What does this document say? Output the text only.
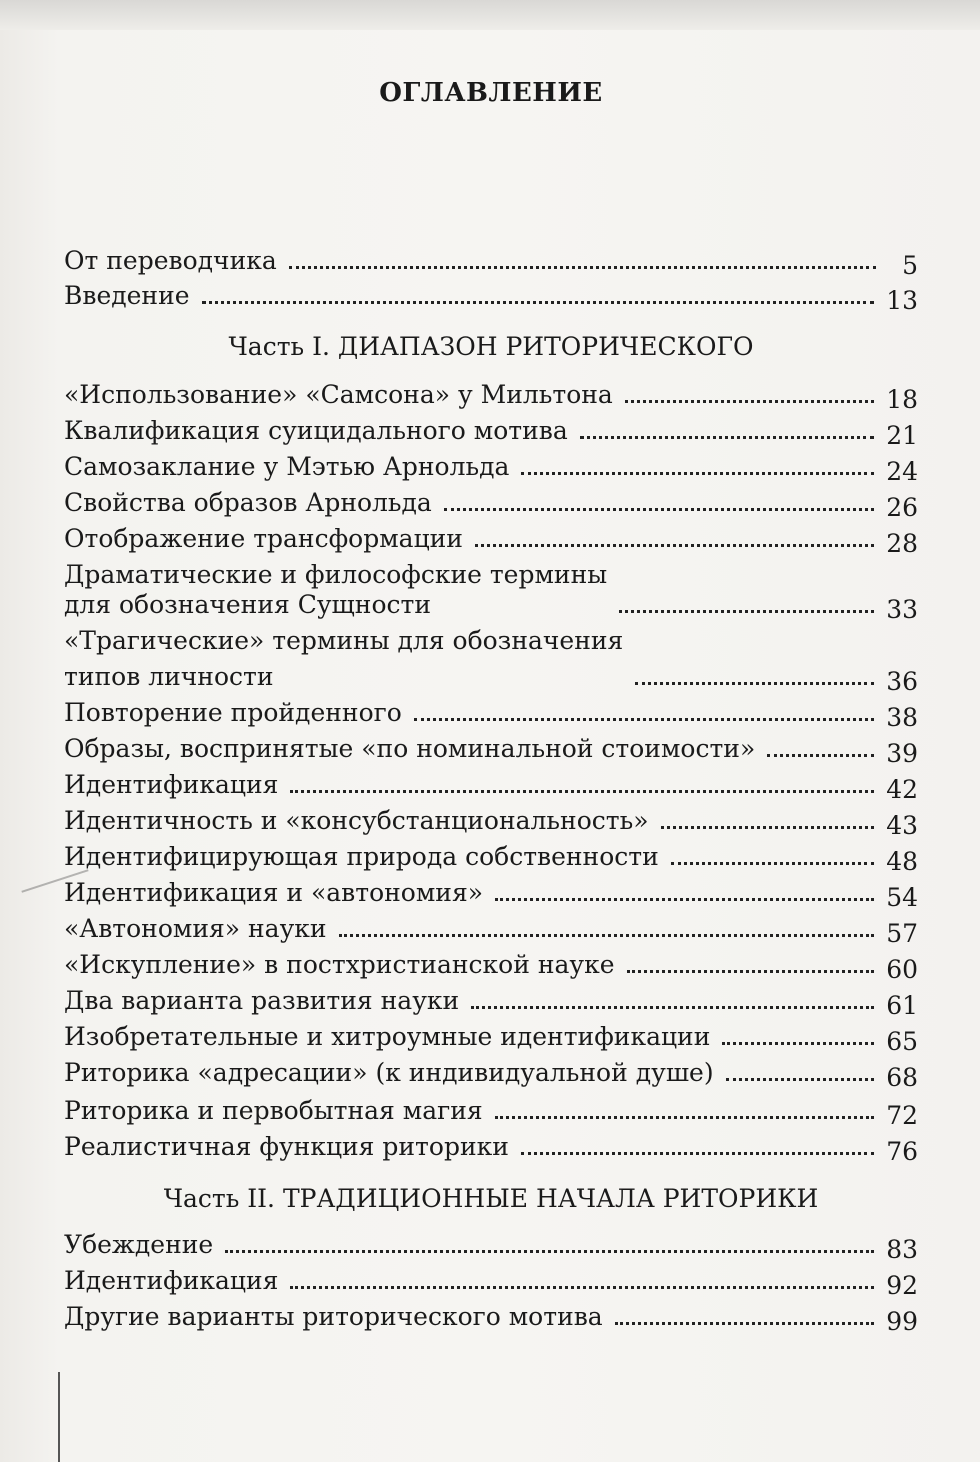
ОГЛАВЛЕНИЕ
От переводчика	5
Введение	13
Часть I. ДИАПАЗОН РИТОРИЧЕСКОГО
«Использование» «Самсона» у Мильтона	18
Квалификация суицидального мотива	21
Самозаклание у Мэтью Арнольда	24
Свойства образов Арнольда	26
Отображение трансформации	28
Драматические и философские термины
для обозначения Сущности	33
«Трагические» термины для обозначения
типов личности	36
Повторение пройденного	38
Образы, воспринятые «по номинальной стоимости»	39
Идентификация	42
Идентичность и «консубстанциональность»	43
Идентифицирующая природа собственности	48
Идентификация и «автономия»	54
«Автономия» науки	57
«Искупление» в постхристианской науке	60
Два варианта развития науки	61
Изобретательные и хитроумные идентификации	65
Риторика «адресации» (к индивидуальной душе)	68
Риторика и первобытная магия	72
Реалистичная функция риторики	76
Часть II. ТРАДИЦИОННЫЕ НАЧАЛА РИТОРИКИ
Убеждение	83
Идентификация	92
Другие варианты риторического мотива	99
